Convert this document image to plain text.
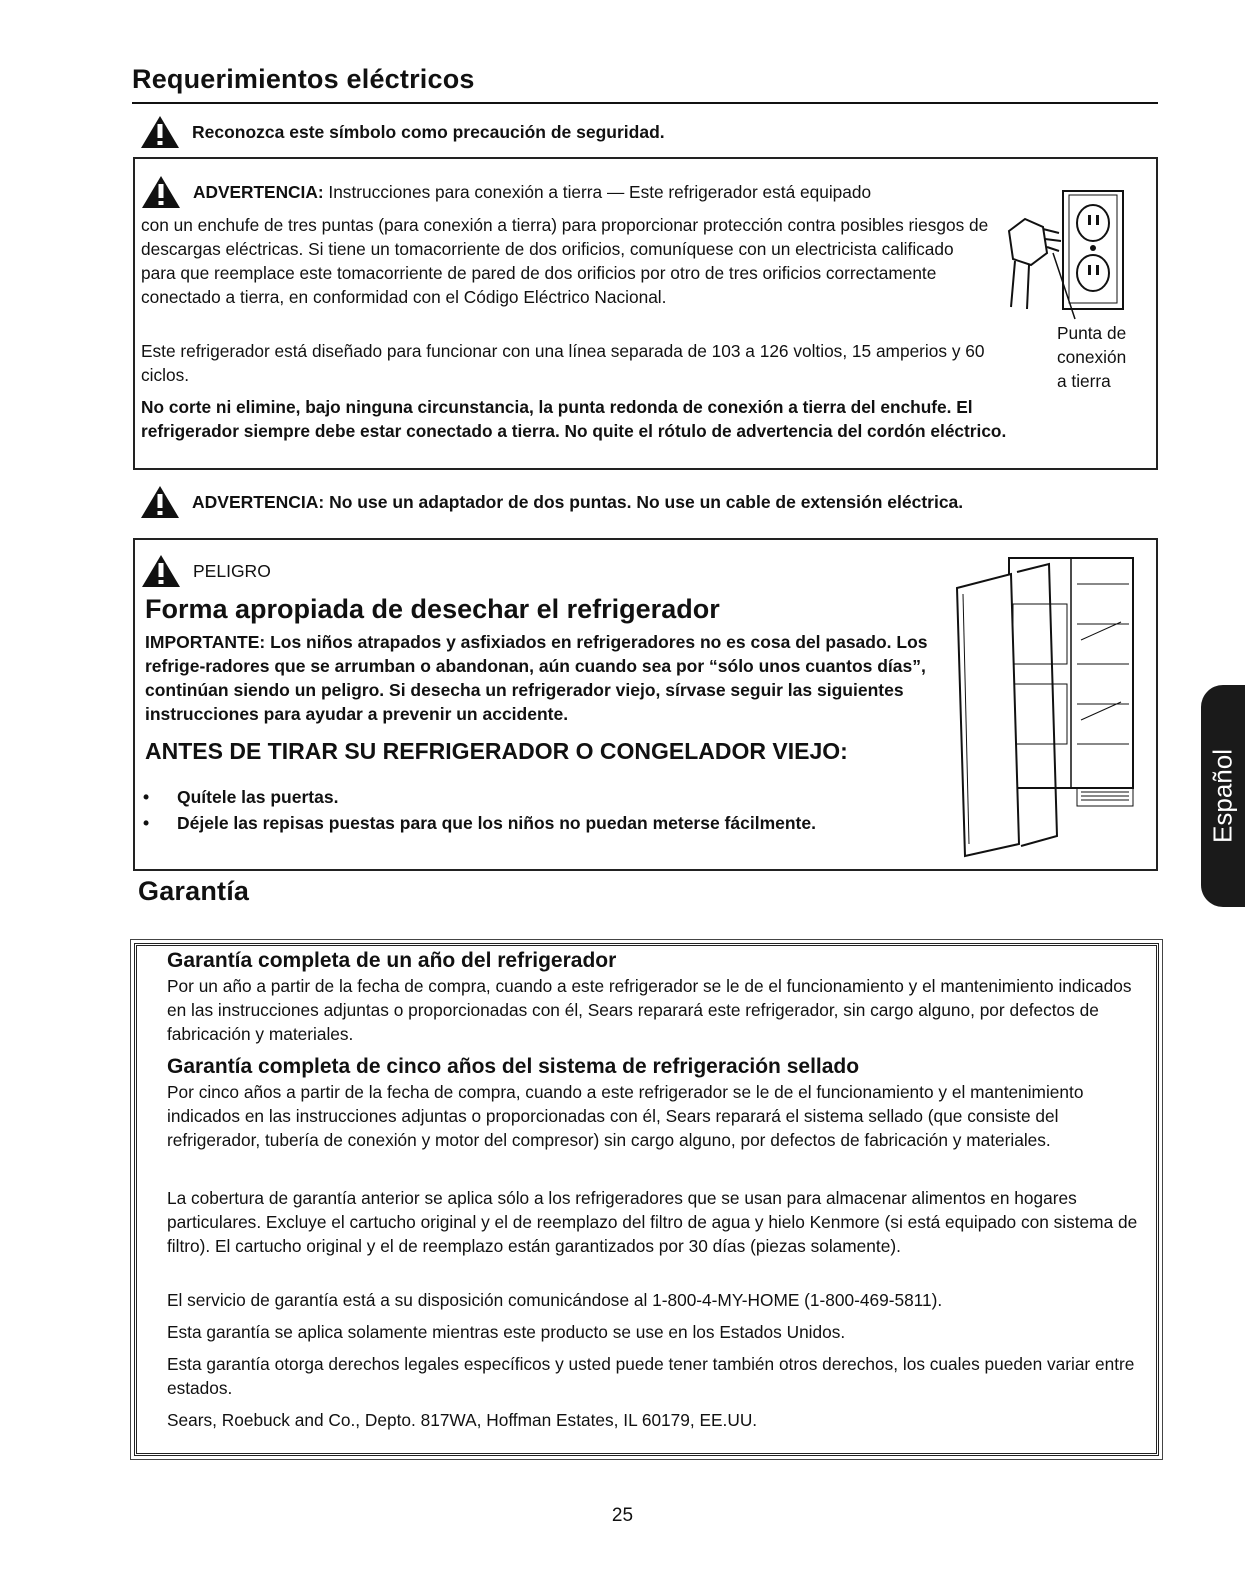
Requerimientos eléctricos
Reconozca este símbolo como precaución de seguridad.
ADVERTENCIA: Instrucciones para conexión a tierra — Este refrigerador está equipado

con un enchufe de tres puntas (para conexión a tierra) para proporcionar protección contra posibles riesgos de descargas eléctricas. Si tiene un tomacorriente de dos orificios, comuníquese con un electricista calificado para que reemplace este tomacorriente de pared de dos orificios por otro de tres orificios correctamente conectado a tierra, en conformidad con el Código Eléctrico Nacional.

Este refrigerador está diseñado para funcionar con una línea separada de 103 a 126 voltios, 15 amperios y 60 ciclos.

No corte ni elimine, bajo ninguna circunstancia, la punta redonda de conexión a tierra del enchufe. El refrigerador siempre debe estar conectado a tierra. No quite el rótulo de advertencia del cordón eléctrico.

Punta de
conexión
a tierra
ADVERTENCIA: No use un adaptador de dos puntas. No use un cable de extensión eléctrica.
PELIGRO
Forma apropiada de desechar el refrigerador

IMPORTANTE: Los niños atrapados y asfixiados en refrigeradores no es cosa del pasado. Los refrige-radores que se arrumban o abandonan, aún cuando sea por “sólo unos cuantos días”, continúan siendo un peligro. Si desecha un refrigerador viejo, sírvase seguir las siguientes instrucciones para ayudar a prevenir un accidente.

ANTES DE TIRAR SU REFRIGERADOR O CONGELADOR VIEJO:
• Quítele las puertas.
• Déjele las repisas puestas para que los niños no puedan meterse fácilmente.
Garantía
Garantía completa de un año del refrigerador

Por un año a partir de la fecha de compra, cuando a este refrigerador se le de el funcionamiento y el mantenimiento indicados en las instrucciones adjuntas o proporcionadas con él, Sears reparará este refrigerador, sin cargo alguno, por defectos de fabricación y materiales.

Garantía completa de cinco años del sistema de refrigeración sellado

Por cinco años a partir de la fecha de compra, cuando a este refrigerador se le de el funcionamiento y el mantenimiento indicados en las instrucciones adjuntas o proporcionadas con él, Sears reparará el sistema sellado (que consiste del refrigerador, tubería de conexión y motor del compresor) sin cargo alguno, por defectos de fabricación y materiales.

La cobertura de garantía anterior se aplica sólo a los refrigeradores que se usan para almacenar alimentos en hogares particulares. Excluye el cartucho original y el de reemplazo del filtro de agua y hielo Kenmore (si está equipado con sistema de filtro). El cartucho original y el de reemplazo están garantizados por 30 días (piezas solamente).

El servicio de garantía está a su disposición comunicándose al 1-800-4-MY-HOME (1-800-469-5811).

Esta garantía se aplica solamente mientras este producto se use en los Estados Unidos.

Esta garantía otorga derechos legales específicos y usted puede tener también otros derechos, los cuales pueden variar entre estados.

Sears, Roebuck and Co., Depto. 817WA, Hoffman Estates, IL 60179, EE.UU.

Español
25
